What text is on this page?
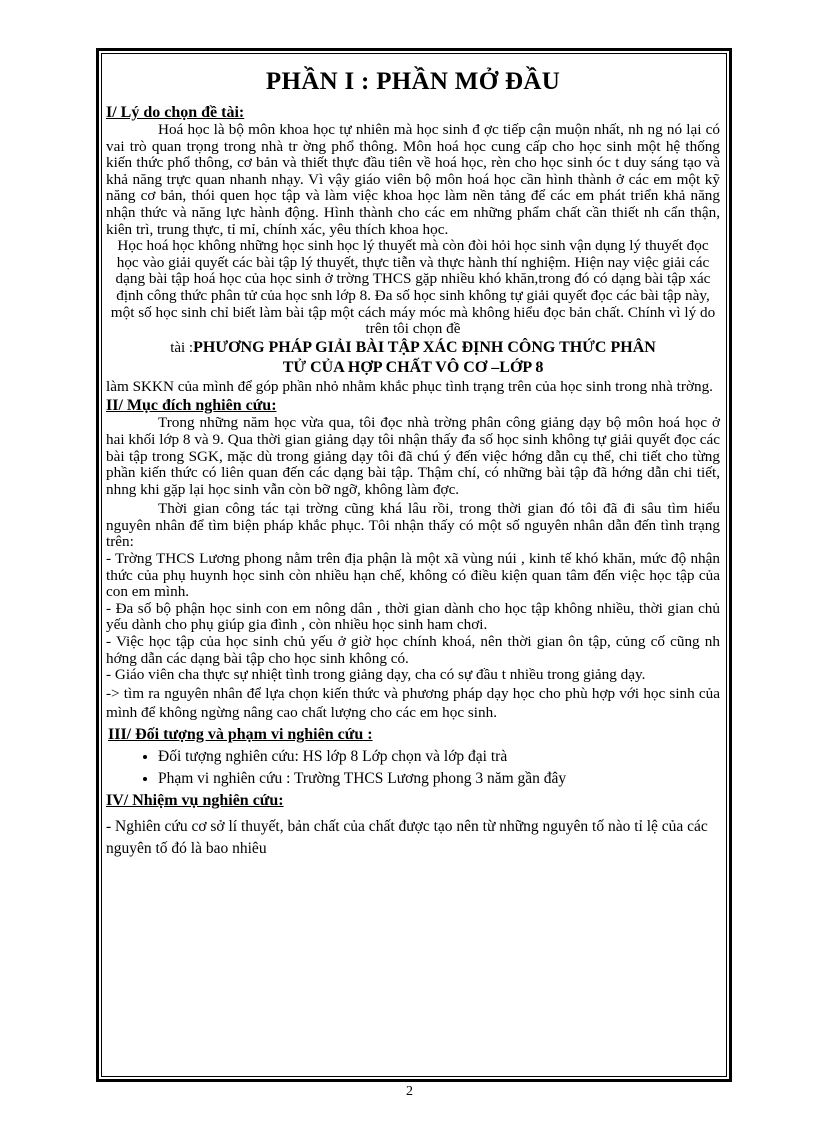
PHẦN I : PHẦN MỞ ĐẦU

I/ Lý do chọn đề tài:

Hoá học là bộ môn khoa học tự nhiên mà học sinh đ ợc tiếp cận muộn nhất, nh ng nó lại có vai trò quan trọng trong nhà tr ờng phổ thông. Môn hoá học cung cấp cho học sinh một hệ thống kiến thức phổ thông, cơ bản và thiết thực đầu tiên về hoá học, rèn cho học sinh óc t duy sáng tạo và khả năng trực quan nhanh nhạy. Vì vậy giáo viên bộ môn hoá học cần hình thành ở các em một kỹ năng cơ bản, thói quen học tập và làm việc khoa học làm nền tảng để các em phát triển khả năng nhận thức và năng lực hành động. Hình thành cho các em những phẩm chất cần thiết nh cẩn thận, kiên trì, trung thực, tỉ mỉ, chính xác, yêu thích khoa học.

Học hoá học không những học sinh học lý thuyết mà còn đòi hỏi học sinh vận dụng lý thuyết đọc học vào giải quyết các bài tập lý thuyết, thực tiễn và thực hành thí nghiệm. Hiện nay việc giải các dạng bài tập hoá học của học sinh ở trờng THCS gặp nhiều khó khăn,trong đó có dạng bài tập xác định công thức phân tử của học snh lớp 8. Đa số học sinh không tự giải quyết đọc các bài tập này, một số học sinh chỉ biết làm bài tập một cách máy móc mà không hiểu đọc bản chất. Chính vì lý do trên tôi chọn đề

tài :PHƯƠNG PHÁP GIẢI BÀI TẬP XÁC ĐỊNH CÔNG THỨC PHÂN

TỬ CỦA HỢP CHẤT VÔ CƠ –LỚP 8

làm SKKN của mình để góp phần nhỏ nhằm khắc phục tình trạng trên của học sinh trong nhà trờng.

II/ Mục đích nghiên cứu:

Trong những năm học vừa qua, tôi đọc nhà trờng phân công giảng dạy bộ môn hoá học ở hai khối lớp 8 và 9. Qua thời gian giảng dạy tôi nhận thấy đa số học sinh không tự giải quyết đọc các bài tập trong SGK, mặc dù trong giảng dạy tôi đã chú ý đến việc hớng dẫn cụ thể, chi tiết cho từng phần kiến thức có liên quan đến các dạng bài tập. Thậm chí, có những bài tập đã hớng dẫn chi tiết, nhng khi gặp lại học sinh vẫn còn bỡ ngỡ, không làm đợc.

Thời gian công tác tại trờng cũng khá lâu rồi, trong thời gian đó tôi đã đi sâu tìm hiểu nguyên nhân để tìm biện pháp khắc phục. Tôi nhận thấy có một số nguyên nhân dẫn đến tình trạng trên:

- Trờng THCS Lương phong nằm trên địa phận là một xã vùng núi , kinh tế khó khăn, mức độ nhận thức của phụ huynh học sinh còn nhiều hạn chế, không có điều kiện quan tâm đến việc học tập của con em mình.

- Đa số bộ phận học sinh con em nông dân , thời gian dành cho học tập không nhiều, thời gian chủ yếu dành cho phụ giúp gia đình , còn nhiều học sinh ham chơi.

- Việc học tập của học sinh chủ yếu ở giờ học chính khoá, nên thời gian ôn tập, củng cố cũng nh hớng dẫn các dạng bài tập cho học sinh không có.

- Giáo viên cha thực sự nhiệt tình trong giảng dạy, cha có sự đầu t nhiều trong giảng dạy.

-> tìm ra nguyên nhân để lựa chọn kiến thức và phương pháp dạy học cho phù hợp với học sinh của mình để không ngừng nâng cao chất lượng cho các em học sinh.

III/ Đối tượng và phạm vi nghiên cứu :

• Đối tượng nghiên cứu: HS lớp 8 Lớp chọn và lớp đại trà
• Phạm vi nghiên cứu : Trường THCS Lương phong 3 năm gần đây

IV/ Nhiệm vụ nghiên cứu:

- Nghiên cứu cơ sở lí thuyết, bản chất của chất được tạo nên từ những nguyên tố nào tỉ lệ của các nguyên tố đó là bao nhiêu

2
